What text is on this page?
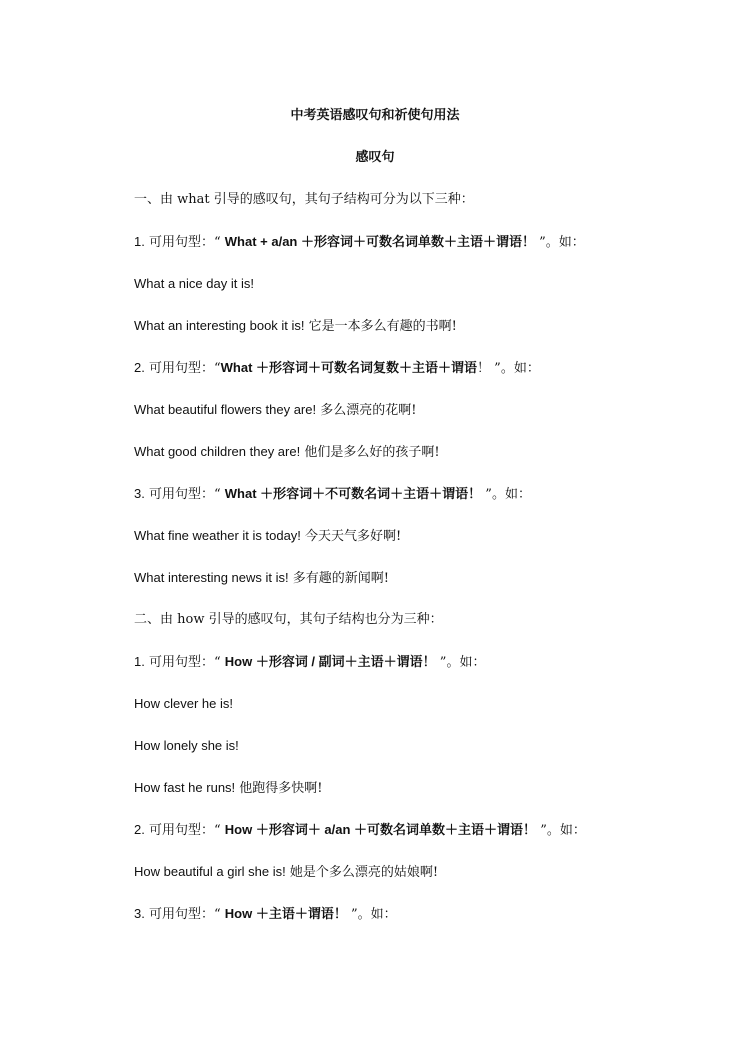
中考英语感叹句和祈使句用法
感叹句
一、由 what 引导的感叹句，其句子结构可分为以下三种：
1. 可用句型：“ What + a/an ＋形容词＋可数名词单数＋主语＋谓语！ ”。如：
What a nice day it is!
What an interesting book it is! 它是一本多么有趣的书啊!
2. 可用句型：“What ＋形容词＋可数名词复数＋主语＋谓语！ ”。如：
What beautiful flowers they are! 多么漂亮的花啊!
What good children they are! 他们是多么好的孩子啊!
3. 可用句型：“ What ＋形容词＋不可数名词＋主语＋谓语！ ”。如：
What fine weather it is today! 今天天气多好啊!
What interesting news it is! 多有趣的新闻啊!
二、由 how 引导的感叹句，其句子结构也分为三种：
1. 可用句型：“ How ＋形容词 / 副词＋主语＋谓语！ ”。如：
How clever he is!
How lonely she is!
How fast he runs! 他跑得多快啊!
2. 可用句型：“ How ＋形容词＋ a/an ＋可数名词单数＋主语＋谓语！ ”。如：
How beautiful a girl she is! 她是个多么漂亮的姑娘啊!
3. 可用句型：“ How ＋主语＋谓语！ ”。如：
